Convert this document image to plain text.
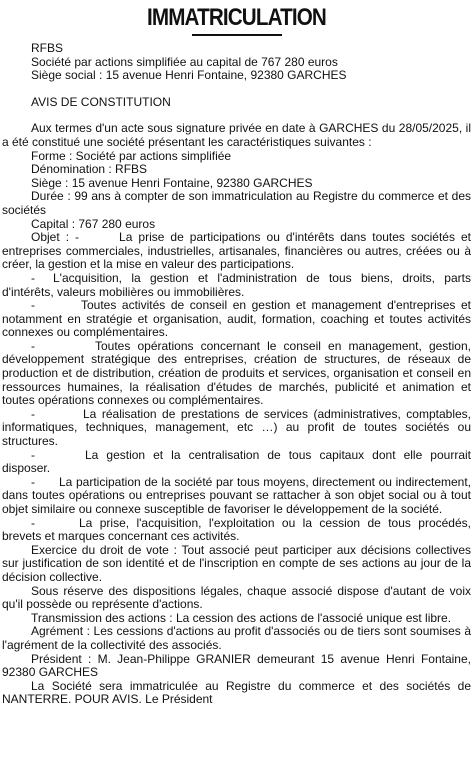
IMMATRICULATION

RFBS

Société par actions simplifiée au capital de 767 280 euros

Siège social : 15 avenue Henri Fontaine, 92380 GARCHES

AVIS DE CONSTITUTION

Aux termes d'un acte sous signature privée en date à GARCHES du 28/05/2025, il a été constitué une société présentant les caractéristiques suivantes :

Forme : Société par actions simplifiée

Dénomination : RFBS

Siège : 15 avenue Henri Fontaine, 92380 GARCHES

Durée : 99 ans à compter de son immatriculation au Registre du commerce et des sociétés

Capital : 767 280 euros

Objet : -	La prise de participations ou d'intérêts dans toutes sociétés et entreprises commerciales, industrielles, artisanales, financières ou autres, créées ou à créer, la gestion et la mise en valeur des participations.

- L'acquisition, la gestion et l'administration de tous biens, droits, parts d'intérêts, valeurs mobilières ou immobilières.

-	Toutes activités de conseil en gestion et management d'entreprises et notamment en stratégie et organisation, audit, formation, coaching et toutes activités connexes ou complémentaires.

-	Toutes opérations concernant le conseil en management, gestion, développement stratégique des entreprises, création de structures, de réseaux de production et de distribution, création de produits et services, organisation et conseil en ressources humaines, la réalisation d'études de marchés, publicité et animation et toutes opérations connexes ou complémentaires.

-	La réalisation de prestations de services (administratives, comptables, informatiques, techniques, management, etc …) au profit de toutes sociétés ou structures.

-	La gestion et la centralisation de tous capitaux dont elle pourrait disposer.

- La participation de la société par tous moyens, directement ou indirectement, dans toutes opérations ou entreprises pouvant se rattacher à son objet social ou à tout objet similaire ou connexe susceptible de favoriser le développement de la société.

-	La prise, l'acquisition, l'exploitation ou la cession de tous procédés, brevets et marques concernant ces activités.

Exercice du droit de vote : Tout associé peut participer aux décisions collectives sur justification de son identité et de l'inscription en compte de ses actions au jour de la décision collective.

Sous réserve des dispositions légales, chaque associé dispose d'autant de voix qu'il possède ou représente d'actions.

Transmission des actions : La cession des actions de l'associé unique est libre.

Agrément : Les cessions d'actions au profit d'associés ou de tiers sont soumises à l'agrément de la collectivité des associés.

Président : M. Jean-Philippe GRANIER demeurant 15 avenue Henri Fontaine, 92380 GARCHES

La Société sera immatriculée au Registre du commerce et des sociétés de NANTERRE. POUR AVIS. Le Président
